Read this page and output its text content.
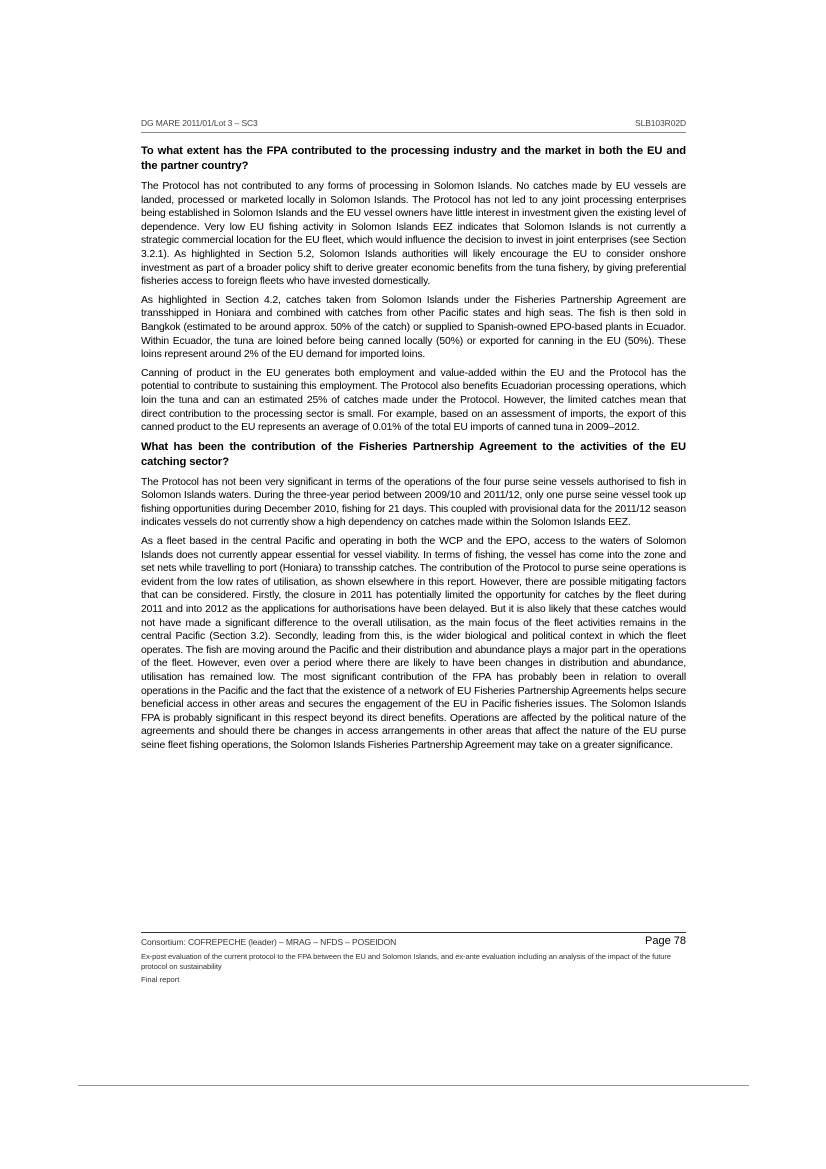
DG MARE 2011/01/Lot 3 – SC3	SLB103R02D

To what extent has the FPA contributed to the processing industry and the market in both the EU and the partner country?

The Protocol has not contributed to any forms of processing in Solomon Islands. No catches made by EU vessels are landed, processed or marketed locally in Solomon Islands. The Protocol has not led to any joint processing enterprises being established in Solomon Islands and the EU vessel owners have little interest in investment given the existing level of dependence. Very low EU fishing activity in Solomon Islands EEZ indicates that Solomon Islands is not currently a strategic commercial location for the EU fleet, which would influence the decision to invest in joint enterprises (see Section 3.2.1). As highlighted in Section 5.2, Solomon Islands authorities will likely encourage the EU to consider onshore investment as part of a broader policy shift to derive greater economic benefits from the tuna fishery, by giving preferential fisheries access to foreign fleets who have invested domestically.

As highlighted in Section 4.2, catches taken from Solomon Islands under the Fisheries Partnership Agreement are transshipped in Honiara and combined with catches from other Pacific states and high seas. The fish is then sold in Bangkok (estimated to be around approx. 50% of the catch) or supplied to Spanish-owned EPO-based plants in Ecuador. Within Ecuador, the tuna are loined before being canned locally (50%) or exported for canning in the EU (50%). These loins represent around 2% of the EU demand for imported loins.

Canning of product in the EU generates both employment and value-added within the EU and the Protocol has the potential to contribute to sustaining this employment. The Protocol also benefits Ecuadorian processing operations, which loin the tuna and can an estimated 25% of catches made under the Protocol. However, the limited catches mean that direct contribution to the processing sector is small. For example, based on an assessment of imports, the export of this canned product to the EU represents an average of 0.01% of the total EU imports of canned tuna in 2009–2012.

What has been the contribution of the Fisheries Partnership Agreement to the activities of the EU catching sector?

The Protocol has not been very significant in terms of the operations of the four purse seine vessels authorised to fish in Solomon Islands waters. During the three-year period between 2009/10 and 2011/12, only one purse seine vessel took up fishing opportunities during December 2010, fishing for 21 days. This coupled with provisional data for the 2011/12 season indicates vessels do not currently show a high dependency on catches made within the Solomon Islands EEZ.

As a fleet based in the central Pacific and operating in both the WCP and the EPO, access to the waters of Solomon Islands does not currently appear essential for vessel viability. In terms of fishing, the vessel has come into the zone and set nets while travelling to port (Honiara) to transship catches. The contribution of the Protocol to purse seine operations is evident from the low rates of utilisation, as shown elsewhere in this report. However, there are possible mitigating factors that can be considered. Firstly, the closure in 2011 has potentially limited the opportunity for catches by the fleet during 2011 and into 2012 as the applications for authorisations have been delayed. But it is also likely that these catches would not have made a significant difference to the overall utilisation, as the main focus of the fleet activities remains in the central Pacific (Section 3.2). Secondly, leading from this, is the wider biological and political context in which the fleet operates. The fish are moving around the Pacific and their distribution and abundance plays a major part in the operations of the fleet. However, even over a period where there are likely to have been changes in distribution and abundance, utilisation has remained low. The most significant contribution of the FPA has probably been in relation to overall operations in the Pacific and the fact that the existence of a network of EU Fisheries Partnership Agreements helps secure beneficial access in other areas and secures the engagement of the EU in Pacific fisheries issues. The Solomon Islands FPA is probably significant in this respect beyond its direct benefits. Operations are affected by the political nature of the agreements and should there be changes in access arrangements in other areas that affect the nature of the EU purse seine fleet fishing operations, the Solomon Islands Fisheries Partnership Agreement may take on a greater significance.

Consortium: COFREPECHE (leader) – MRAG – NFDS – POSEIDON	Page 78
Ex-post evaluation of the current protocol to the FPA between the EU and Solomon Islands, and ex-ante evaluation including an analysis of the impact of the future protocol on sustainability
Final report
